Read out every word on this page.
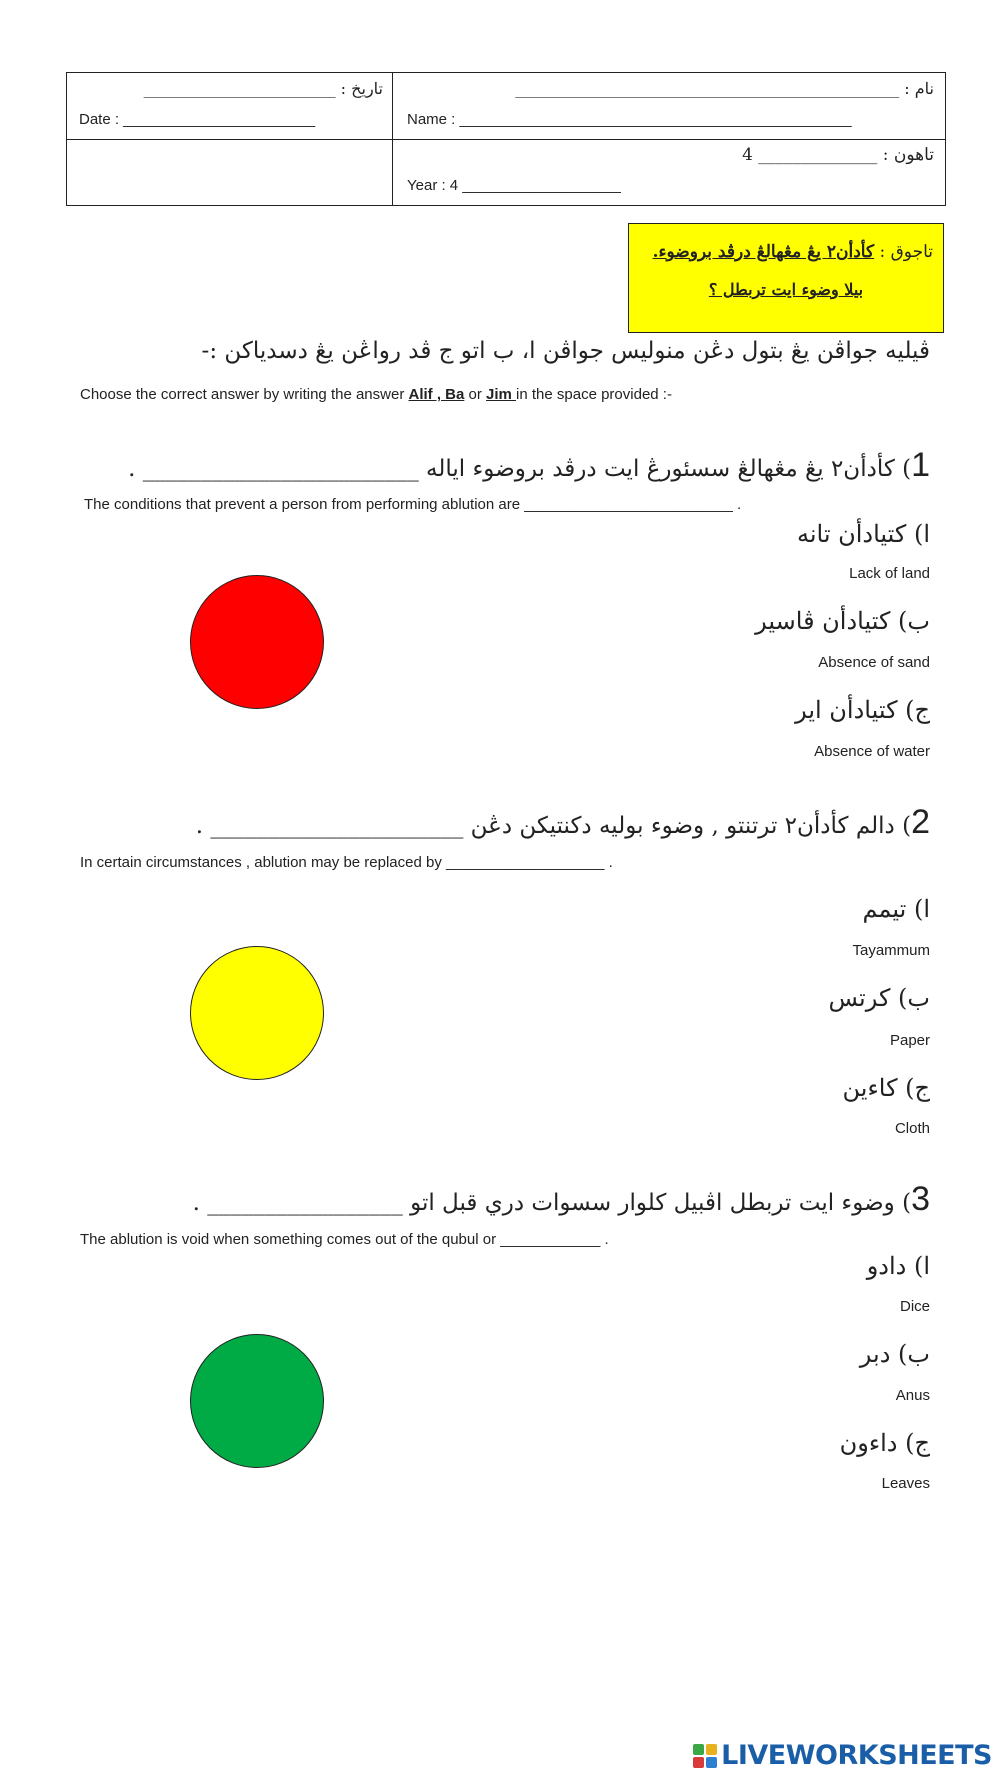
تاريخ : ________________________
Date : _______________________
نام : ________________________________________________
Name : _______________________________________________
تاهون : ______________ 4
Year : 4 ___________________
تاجوق : كأدأن٢ يڠ مڠهالڠ درڤد بروضوء.
بيلا وضوء ايت تربطل ؟
ڤيليه جواڤن يڠ بتول دڠن منوليس جواڤن ا، ب اتو ج ڤد رواڠن يڠ دسدياكن :-
Choose the correct answer by writing the answer Alif , Ba or Jim in the space provided :-
1) كأدأن٢ يڠ مڠهالڠ سسئورڠ ايت درڤد بروضوء اياله ________________________ .
The conditions that prevent a person from performing ablution are _________________________ .
ا) كتيادأن تانه
Lack of land
ب) كتيادأن ڤاسير
Absence of sand
ج) كتيادأن اير
Absence of water
2) دالم كأدأن٢ ترتنتو , وضوء بوليه دكنتيكن دڠن ______________________ .
In certain circumstances , ablution may be replaced by ___________________ .
ا) تيمم
Tayammum
ب) كرتس
Paper
ج) كاءين
Cloth
3) وضوء ايت تربطل اڤبيل كلوار سسوات دري قبل اتو _________________ .
The ablution is void when something comes out of the qubul or ____________ .
ا) دادو
Dice
ب) دبر
Anus
ج) داءون
Leaves
LIVEWORKSHEETS
